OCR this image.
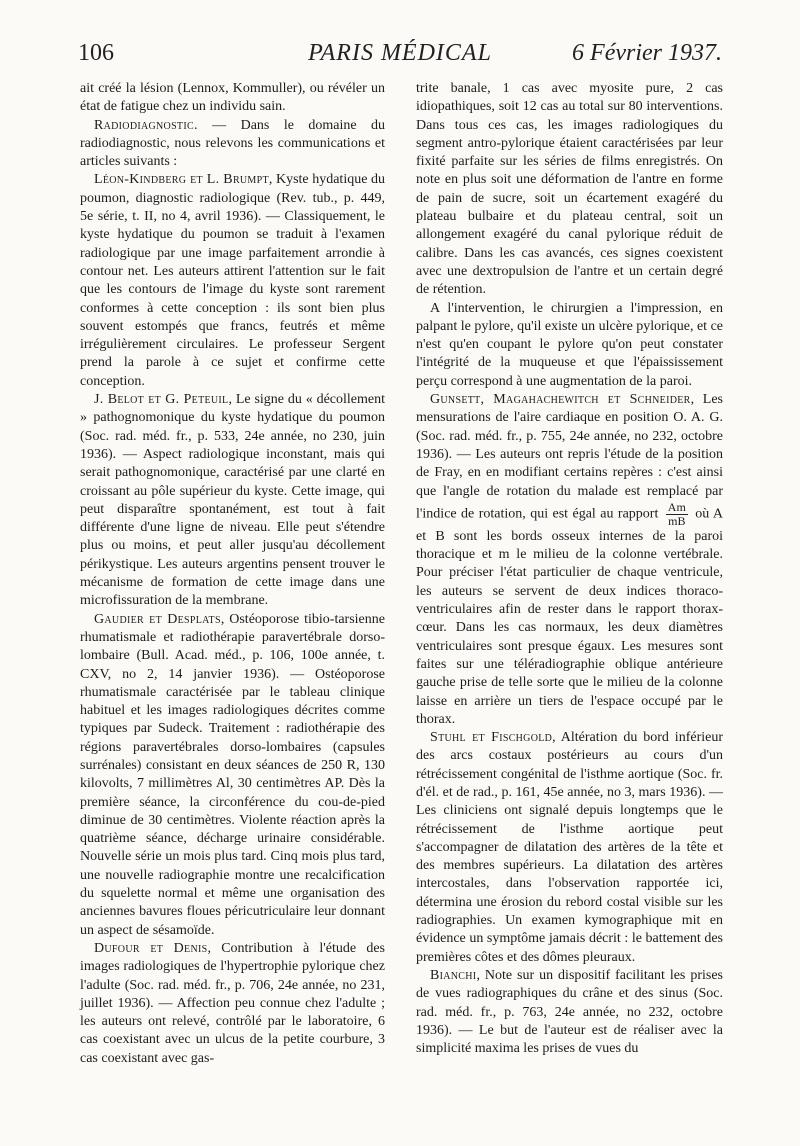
106	PARIS MÉDICAL	6 Février 1937.

ait créé la lésion (Lennox, Kommuller), ou révéler un état de fatigue chez un individu sain.

Radiodiagnostic. — Dans le domaine du radiodiagnostic, nous relevons les communications et articles suivants :

Léon-Kindberg et L. Brumpt, Kyste hydatique du poumon, diagnostic radiologique (Rev. tub., p. 449, 5e série, t. II, no 4, avril 1936). — Classiquement, le kyste hydatique du poumon se traduit à l'examen radiologique par une image parfaitement arrondie à contour net. Les auteurs attirent l'attention sur le fait que les contours de l'image du kyste sont rarement conformes à cette conception : ils sont bien plus souvent estompés que francs, feutrés et même irrégulièrement circulaires. Le professeur Sergent prend la parole à ce sujet et confirme cette conception.

J. Belot et G. Peteuil, Le signe du « décollement » pathognomonique du kyste hydatique du poumon (Soc. rad. méd. fr., p. 533, 24e année, no 230, juin 1936). — Aspect radiologique inconstant, mais qui serait pathognomonique, caractérisé par une clarté en croissant au pôle supérieur du kyste. Cette image, qui peut disparaître spontanément, est tout à fait différente d'une ligne de niveau. Elle peut s'étendre plus ou moins, et peut aller jusqu'au décollement périkystique. Les auteurs argentins pensent trouver le mécanisme de formation de cette image dans une microfissuration de la membrane.

Gaudier et Desplats, Ostéoporose tibio-tarsienne rhumatismale et radiothérapie paravertébrale dorso-lombaire (Bull. Acad. méd., p. 106, 100e année, t. CXV, no 2, 14 janvier 1936). — Ostéoporose rhumatismale caractérisée par le tableau clinique habituel et les images radiologiques décrites comme typiques par Sudeck. Traitement : radiothérapie des régions paravertébrales dorso-lombaires (capsules surrénales) consistant en deux séances de 250 R, 130 kilovolts, 7 millimètres Al, 30 centimètres AP. Dès la première séance, la circonférence du cou-de-pied diminue de 30 centimètres. Violente réaction après la quatrième séance, décharge urinaire considérable. Nouvelle série un mois plus tard. Cinq mois plus tard, une nouvelle radiographie montre une recalcification du squelette normal et même une organisation des anciennes bavures floues péricutriculaire leur donnant un aspect de sésamoïde.

Dufour et Denis, Contribution à l'étude des images radiologiques de l'hypertrophie pylorique chez l'adulte (Soc. rad. méd. fr., p. 706, 24e année, no 231, juillet 1936). — Affection peu connue chez l'adulte ; les auteurs ont relevé, contrôlé par le laboratoire, 6 cas coexistant avec un ulcus de la petite courbure, 3 cas coexistant avec gas-

trite banale, 1 cas avec myosite pure, 2 cas idiopathiques, soit 12 cas au total sur 80 interventions. Dans tous ces cas, les images radiologiques du segment antro-pylorique étaient caractérisées par leur fixité parfaite sur les séries de films enregistrés. On note en plus soit une déformation de l'antre en forme de pain de sucre, soit un écartement exagéré du plateau bulbaire et du plateau central, soit un allongement exagéré du canal pylorique réduit de calibre. Dans les cas avancés, ces signes coexistent avec une dextropulsion de l'antre et un certain degré de rétention.

A l'intervention, le chirurgien a l'impression, en palpant le pylore, qu'il existe un ulcère pylorique, et ce n'est qu'en coupant le pylore qu'on peut constater l'intégrité de la muqueuse et que l'épaississement perçu correspond à une augmentation de la paroi.

Gunsett, Magahachewitch et Schneider, Les mensurations de l'aire cardiaque en position O. A. G. (Soc. rad. méd. fr., p. 755, 24e année, no 232, octobre 1936). — Les auteurs ont repris l'étude de la position de Fray, en en modifiant certains repères : c'est ainsi que l'angle de rotation du malade est remplacé par l'indice de rotation, qui est égal au rapport $\frac{Am}{mB}$ où A et B sont les bords osseux internes de la paroi thoracique et m le milieu de la colonne vertébrale. Pour préciser l'état particulier de chaque ventricule, les auteurs se servent de deux indices thoraco-ventriculaires afin de rester dans le rapport thorax-cœur. Dans les cas normaux, les deux diamètres ventriculaires sont presque égaux. Les mesures sont faites sur une téléradiographie oblique antérieure gauche prise de telle sorte que le milieu de la colonne laisse en arrière un tiers de l'espace occupé par le thorax.

Stuhl et Fischgold, Altération du bord inférieur des arcs costaux postérieurs au cours d'un rétrécissement congénital de l'isthme aortique (Soc. fr. d'él. et de rad., p. 161, 45e année, no 3, mars 1936). — Les cliniciens ont signalé depuis longtemps que le rétrécissement de l'isthme aortique peut s'accompagner de dilatation des artères de la tête et des membres supérieurs. La dilatation des artères intercostales, dans l'observation rapportée ici, détermina une érosion du rebord costal visible sur les radiographies. Un examen kymographique mit en évidence un symptôme jamais décrit : le battement des premières côtes et des dômes pleuraux.

Bianchi, Note sur un dispositif facilitant les prises de vues radiographiques du crâne et des sinus (Soc. rad. méd. fr., p. 763, 24e année, no 232, octobre 1936). — Le but de l'auteur est de réaliser avec la simplicité maxima les prises de vues du
